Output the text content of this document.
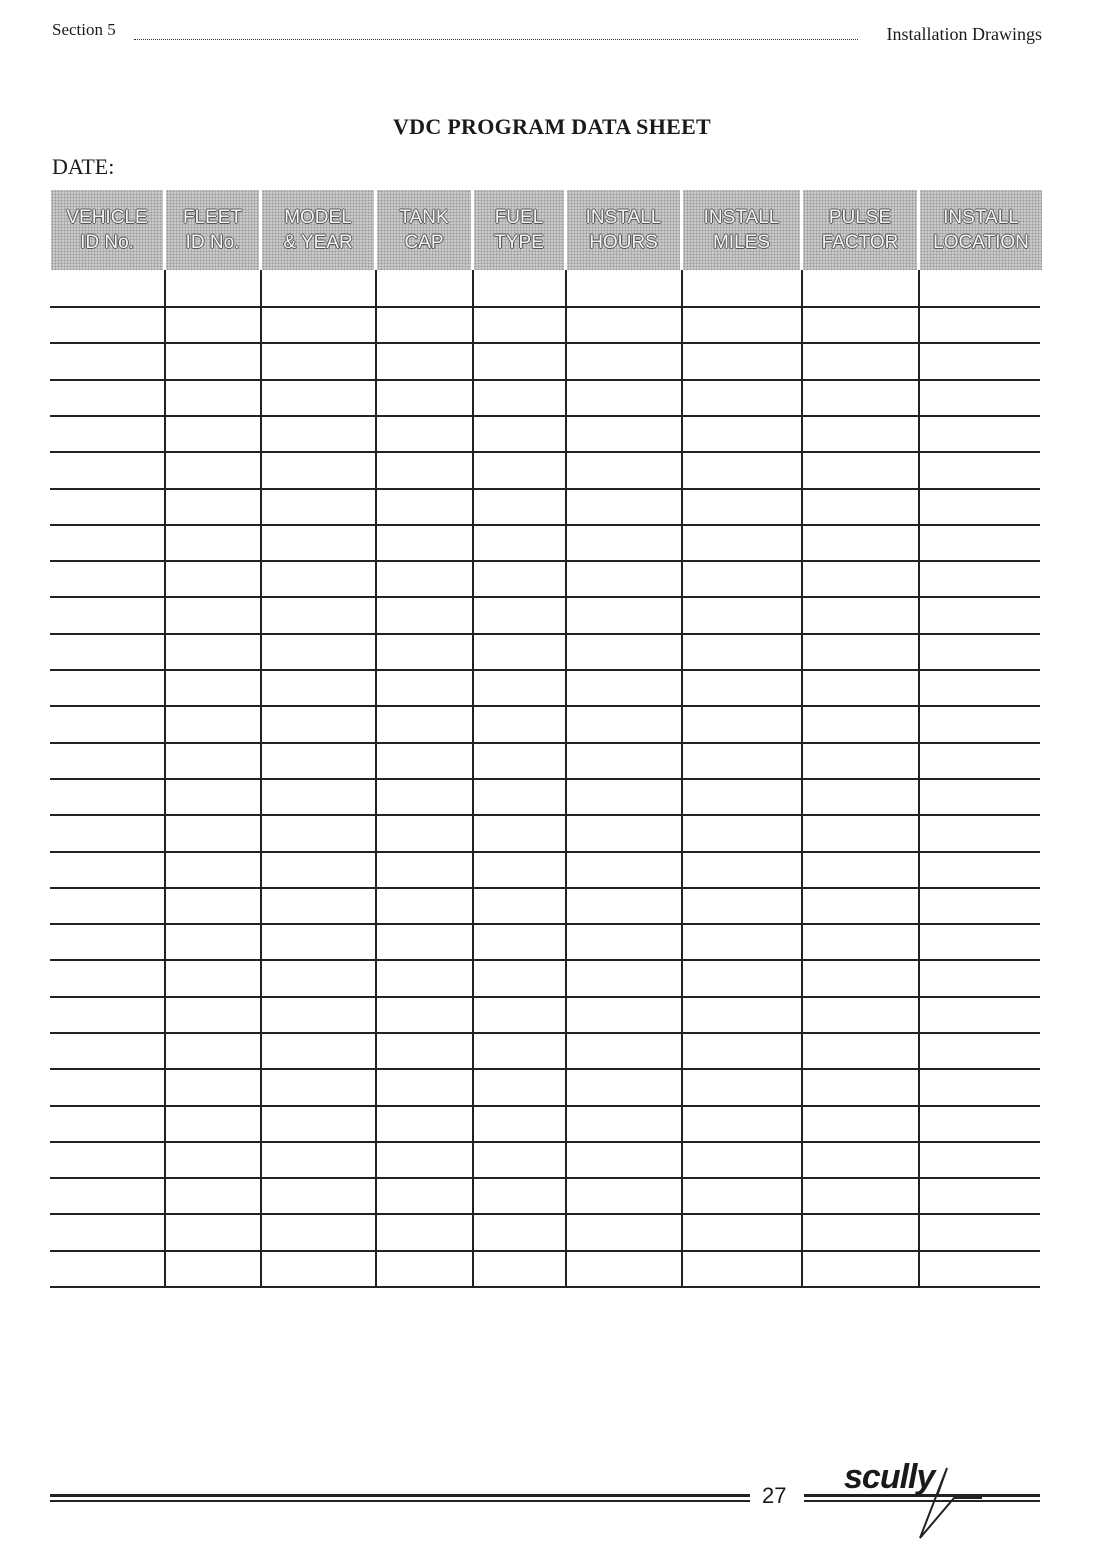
Section 5	Installation Drawings
VDC PROGRAM DATA SHEET
DATE:
VEHICLE
ID No.
FLEET
ID No.
MODEL
& YEAR
TANK
CAP
FUEL
TYPE
INSTALL
HOURS
INSTALL
MILES
PULSE
FACTOR
INSTALL
LOCATION
27 scully
